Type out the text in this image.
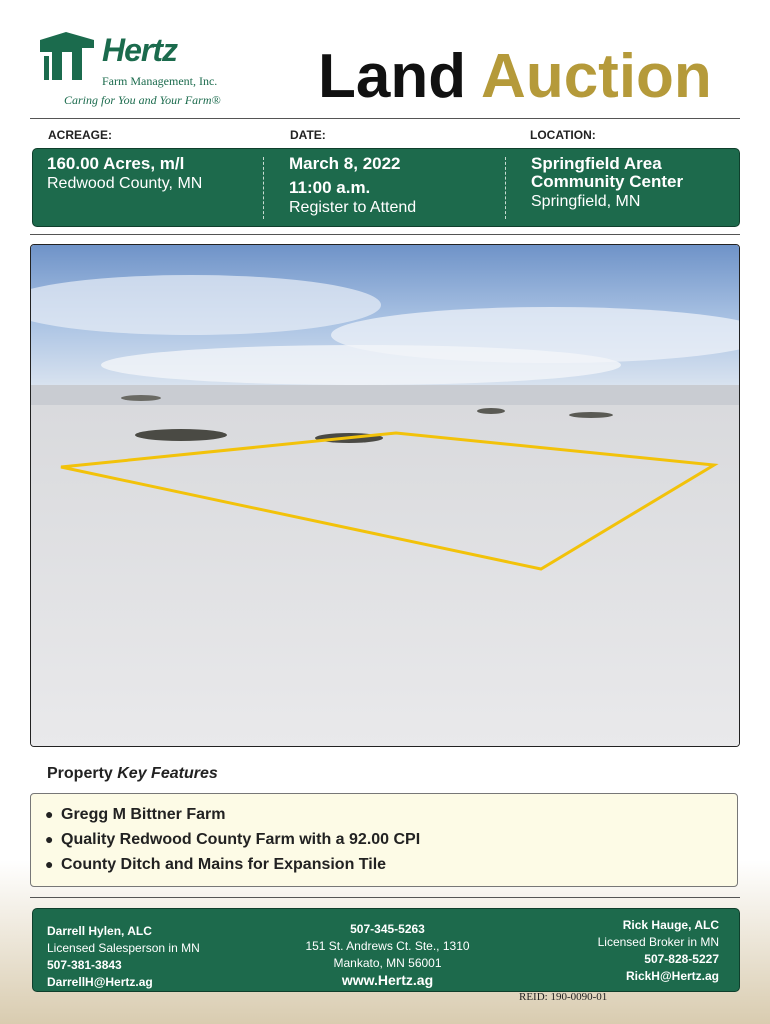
Hertz
Farm Management, Inc.
Caring for You and Your Farm® Land Auction
ACREAGE:	DATE:	LOCATION:
160.00 Acres, m/l
Redwood County, MN
March 8, 2022
11:00 a.m.
Register to Attend
Springfield Area
Community Center
Springfield, MN
Property Key Features
● Gregg M Bittner Farm
● Quality Redwood County Farm with a 92.00 CPI
● County Ditch and Mains for Expansion Tile
Darrell Hylen, ALC
Licensed Salesperson in MN
507-381-3843
DarrellH@Hertz.ag
507-345-5263
151 St. Andrews Ct. Ste., 1310
Mankato, MN 56001
www.Hertz.ag
Rick Hauge, ALC
Licensed Broker in MN
507-828-5227
RickH@Hertz.ag
REID: 190-0090-01
